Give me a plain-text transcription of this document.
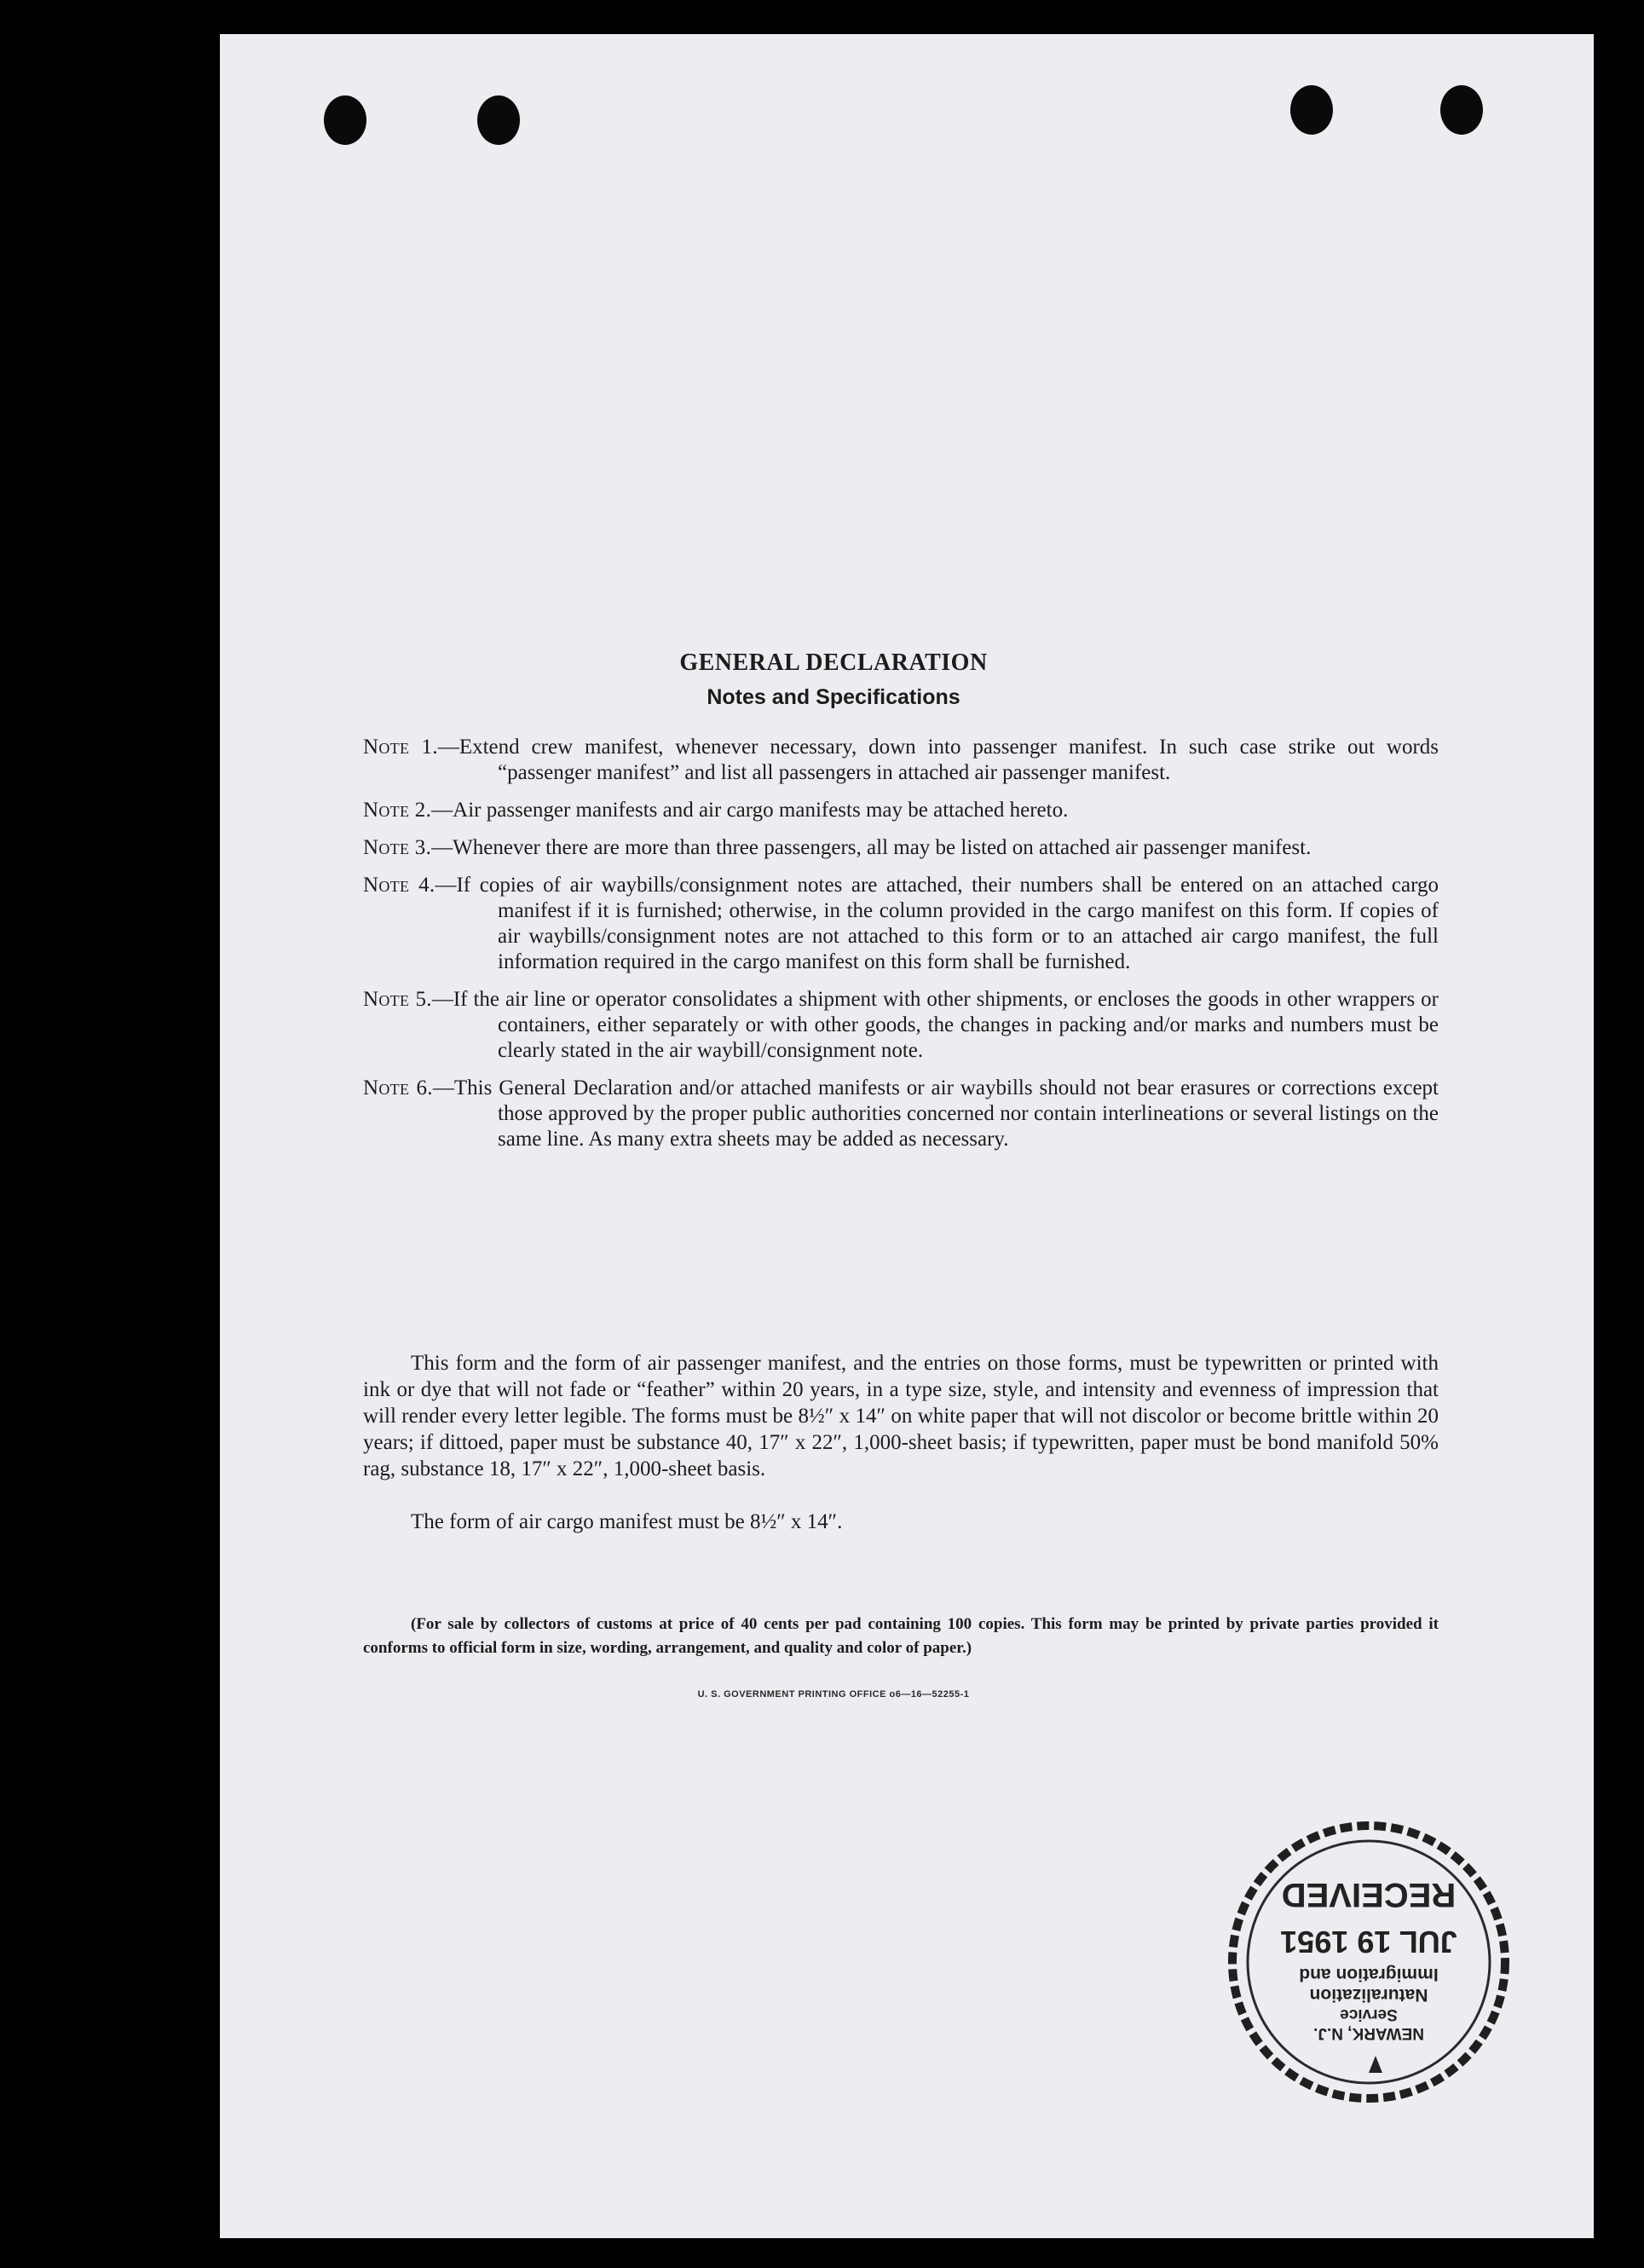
GENERAL DECLARATION
Notes and Specifications
Note 1.—Extend crew manifest, whenever necessary, down into passenger manifest. In such case strike out words “passenger manifest” and list all passengers in attached air passenger manifest.
Note 2.—Air passenger manifests and air cargo manifests may be attached hereto.
Note 3.—Whenever there are more than three passengers, all may be listed on attached air passenger manifest.
Note 4.—If copies of air waybills/consignment notes are attached, their numbers shall be entered on an attached cargo manifest if it is furnished; otherwise, in the column provided in the cargo manifest on this form. If copies of air waybills/consignment notes are not attached to this form or to an attached air cargo manifest, the full information required in the cargo manifest on this form shall be furnished.
Note 5.—If the air line or operator consolidates a shipment with other shipments, or encloses the goods in other wrappers or containers, either separately or with other goods, the changes in packing and/or marks and numbers must be clearly stated in the air waybill/consignment note.
Note 6.—This General Declaration and/or attached manifests or air waybills should not bear erasures or corrections except those approved by the proper public authorities concerned nor contain interlineations or several listings on the same line. As many extra sheets may be added as necessary.
This form and the form of air passenger manifest, and the entries on those forms, must be typewritten or printed with ink or dye that will not fade or “feather” within 20 years, in a type size, style, and intensity and evenness of impression that will render every letter legible. The forms must be 8½″ x 14″ on white paper that will not discolor or become brittle within 20 years; if dittoed, paper must be substance 40, 17″ x 22″, 1,000-sheet basis; if typewritten, paper must be bond manifold 50% rag, substance 18, 17″ x 22″, 1,000-sheet basis.
The form of air cargo manifest must be 8½″ x 14″.
(For sale by collectors of customs at price of 40 cents per pad containing 100 copies. This form may be printed by private parties provided it conforms to official form in size, wording, arrangement, and quality and color of paper.)
U. S. GOVERNMENT PRINTING OFFICE o6—16—52255-1
NEWARK, N.J.
Service
Naturalization
Immigration and
JUL 19 1951
RECEIVED
